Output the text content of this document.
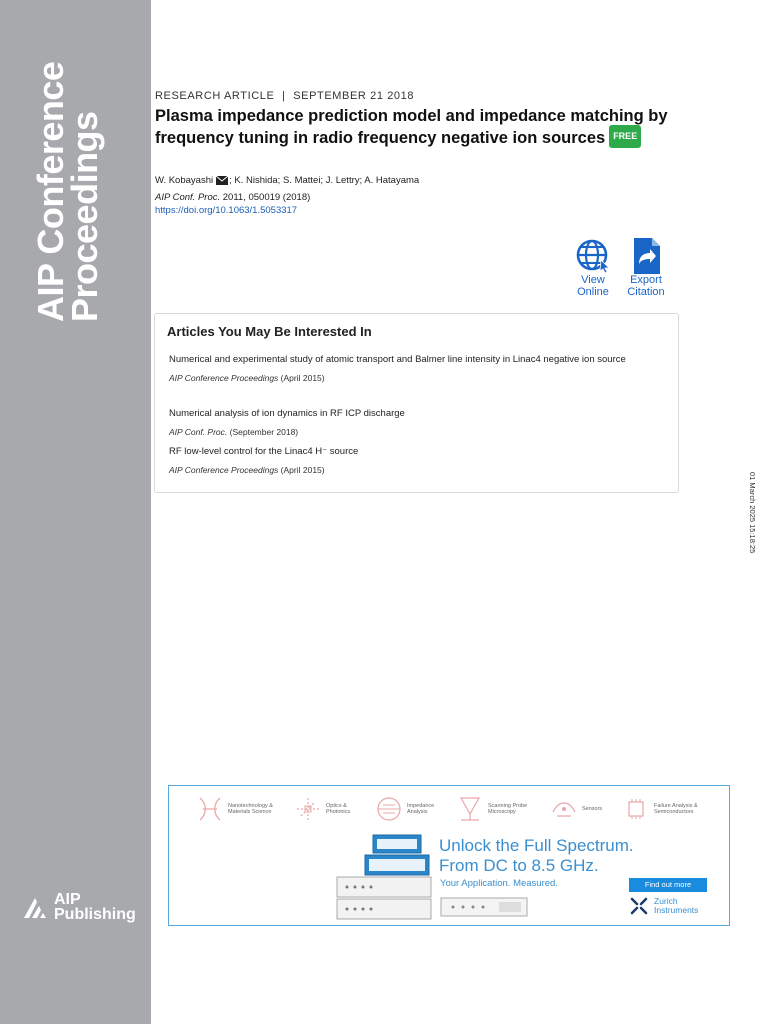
AIP Conference
Proceedings
AIP
Publishing
RESEARCH ARTICLE | SEPTEMBER 21 2018
Plasma impedance prediction model and impedance matching by frequency tuning in radio frequency negative ion sources FREE
W. Kobayashi ; K. Nishida; S. Mattei; J. Lettry; A. Hatayama
AIP Conf. Proc. 2011, 050019 (2018)
https://doi.org/10.1063/1.5053317
View
Online
Export
Citation
Articles You May Be Interested In
Numerical and experimental study of atomic transport and Balmer line intensity in Linac4 negative ion source
AIP Conference Proceedings (April 2015)
Numerical analysis of ion dynamics in RF ICP discharge
AIP Conf. Proc. (September 2018)
RF low-level control for the Linac4 H⁻ source
AIP Conference Proceedings (April 2015)
01 March 2025 15:18:25
Nanotechnology &
Materials Science
Optics &
Photonics
Impedance
Analysis
Scanning Probe
Microscopy
Sensors
Failure Analysis &
Semiconductors
Unlock the Full Spectrum.
From DC to 8.5 GHz.
Your Application. Measured.	Find out more
Zurich
Instruments
